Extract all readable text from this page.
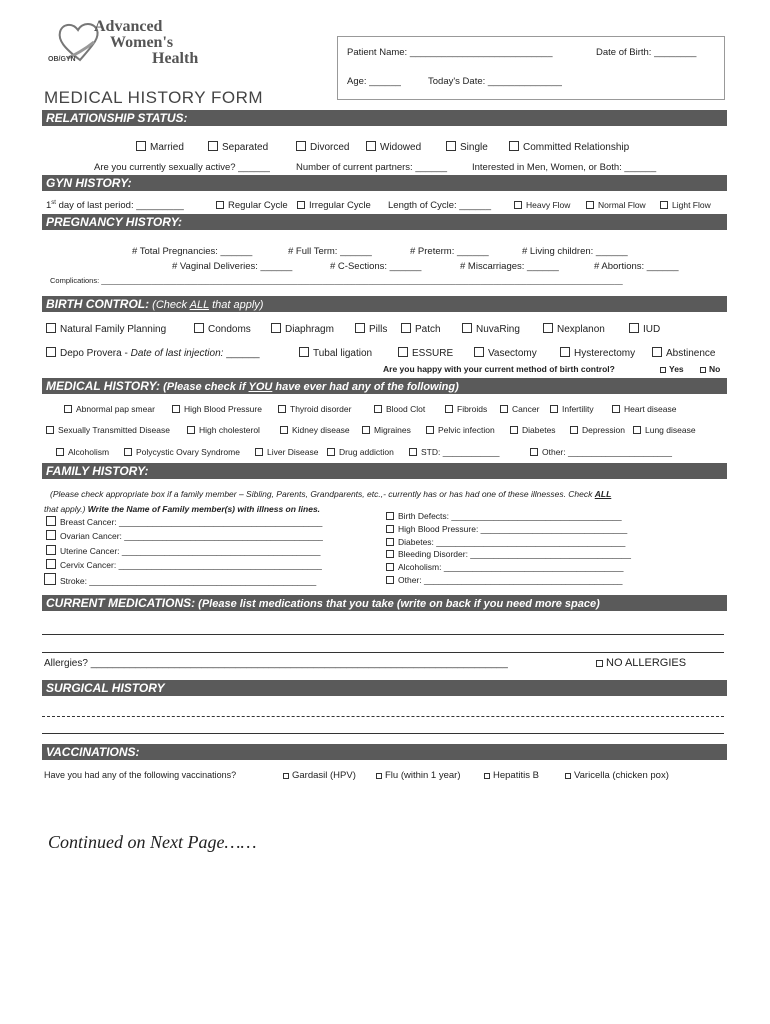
OB/GYN
Advanced
Women's
Health	Patient Name: ___________________________	Date of Birth: ________
Age: ______	Today's Date: ______________
MEDICAL HISTORY FORM
RELATIONSHIP STATUS:
Married	Separated	Divorced	Widowed	Single	Committed Relationship
Are you currently sexually active? ______	Number of current partners: ______	Interested in Men, Women, or Both: ______
GYN HISTORY:
1st day of last period: _________	Regular Cycle	Irregular Cycle Length of Cycle: ______	Heavy Flow	Normal Flow	Light Flow
PREGNANCY HISTORY:
# Total Pregnancies: ______	# Full Term: ______	# Preterm: ______	# Living children: ______
# Vaginal Deliveries: ______	# C-Sections: ______	# Miscarriages: ______	# Abortions: ______
Complications: _____________________________________________________________________________________________________________________________
BIRTH CONTROL: (Check ALL that apply)
Natural Family Planning	Condoms	Diaphragm	Pills	Patch	NuvaRing	Nexplanon	IUD
Depo Provera - Date of last injection: ______	Tubal ligation	ESSURE	Vasectomy	Hysterectomy	Abstinence
Are you happy with your current method of birth control?	Yes	No
MEDICAL HISTORY: (Please check if YOU have ever had any of the following)
Abnormal pap smear	High Blood Pressure	Thyroid disorder	Blood Clot	Fibroids	Cancer	Infertility	Heart disease
Sexually Transmitted Disease	High cholesterol	Kidney disease	Migraines	Pelvic infection	Diabetes	Depression	Lung disease
Alcoholism	Polycystic Ovary Syndrome	Liver Disease	Drug addiction	STD: ____________	Other: ______________________
FAMILY HISTORY:
(Please check appropriate box if a family member – Sibling, Parents, Grandparents, etc.,- currently has or has had one of these illnesses. Check ALL
that apply.) Write the Name of Family member(s) with illness on lines.
Breast Cancer: ___________________________________________
Ovarian Cancer: __________________________________________
Uterine Cancer: __________________________________________
Cervix Cancer: ___________________________________________
Stroke: ________________________________________________
Birth Defects: ____________________________________
High Blood Pressure: _______________________________
Diabetes: ________________________________________
Bleeding Disorder: __________________________________
Alcoholism: ______________________________________
Other: __________________________________________
CURRENT MEDICATIONS: (Please list medications that you take (write on back if you need more space)
Allergies? ___________________________________________________________________________	NO ALLERGIES
SURGICAL HISTORY
VACCINATIONS:
Have you had any of the following vaccinations?	Gardasil (HPV)	Flu (within 1 year)	Hepatitis B	Varicella (chicken pox)
Continued on Next Page……
